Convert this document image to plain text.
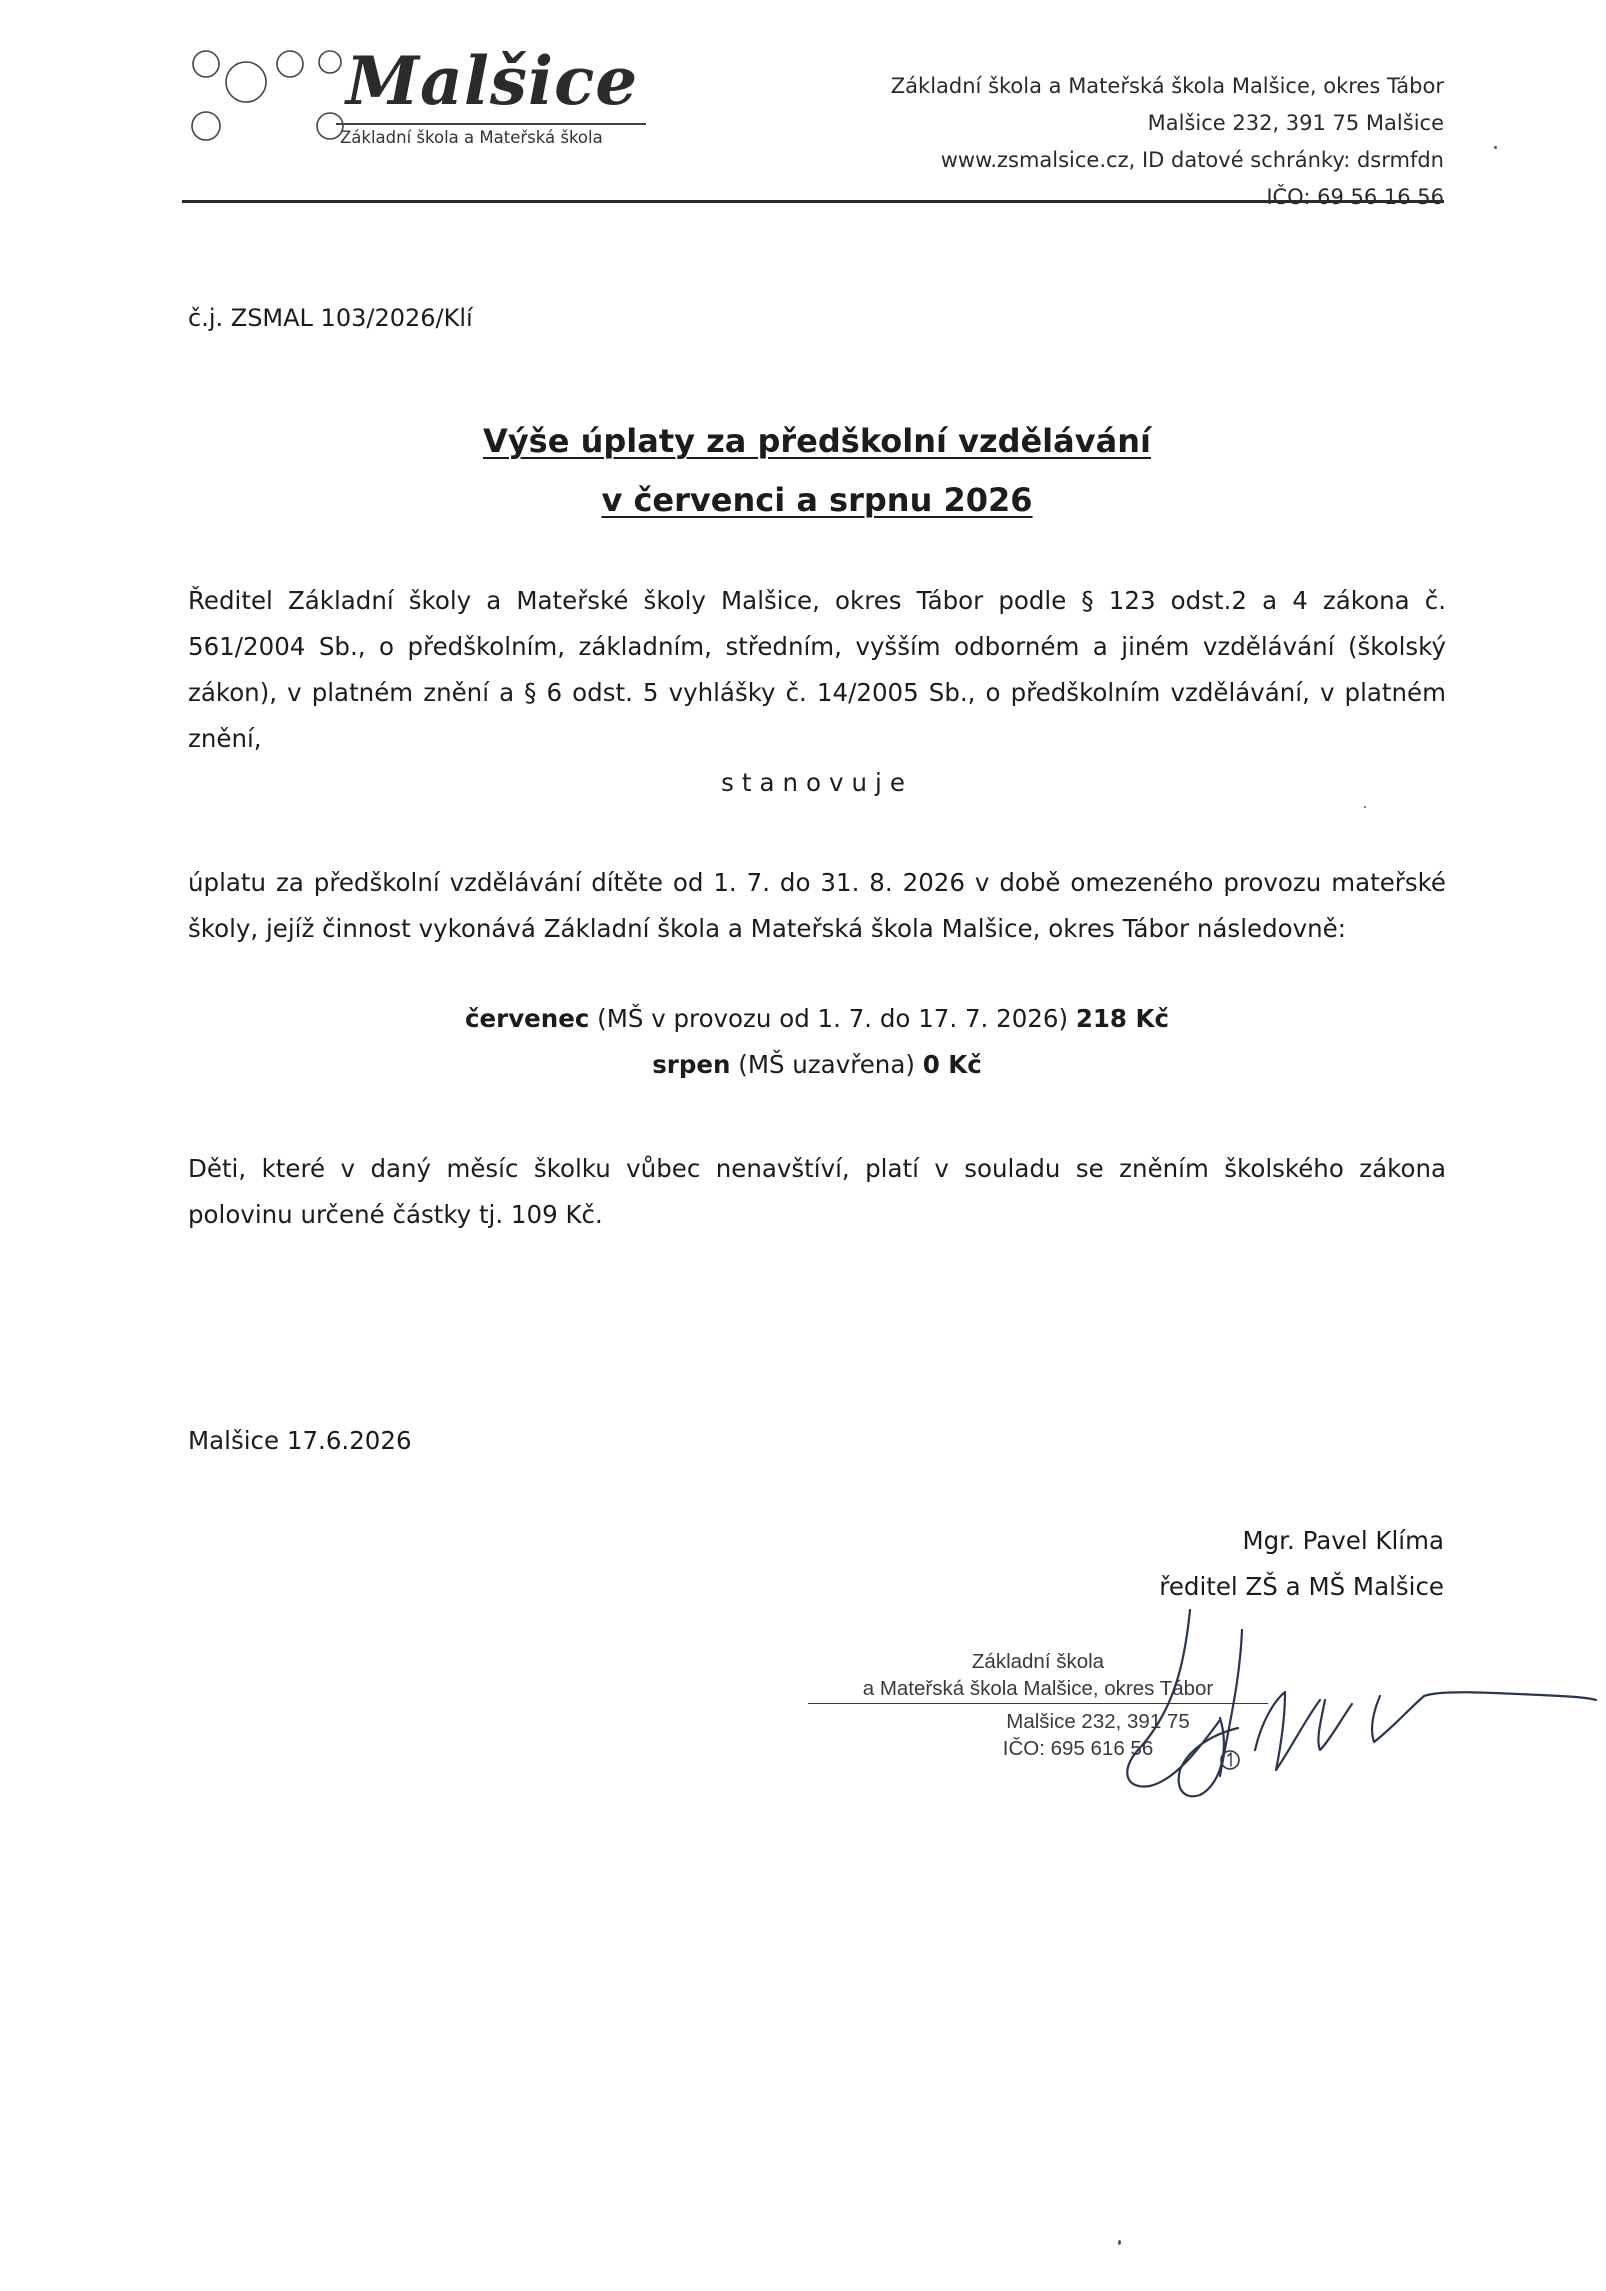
Malšice
Základní škola a Mateřská škola
Základní škola a Mateřská škola Malšice, okres Tábor
Malšice 232, 391 75 Malšice
www.zsmalsice.cz, ID datové schránky: dsrmfdn
IČO: 69 56 16 56
č.j. ZSMAL 103/2026/Klí
Výše úplaty za předškolní vzdělávání
v červenci a srpnu 2026
Ředitel Základní školy a Mateřské školy Malšice, okres Tábor podle § 123 odst.2 a 4 zákona č. 561/2004 Sb., o předškolním, základním, středním, vyšším odborném a jiném vzdělávání (školský zákon), v platném znění a § 6 odst. 5 vyhlášky č. 14/2005 Sb., o předškolním vzdělávání, v platném znění,
stanovuje
úplatu za předškolní vzdělávání dítěte od 1. 7. do 31. 8. 2026 v době omezeného provozu mateřské školy, jejíž činnost vykonává Základní škola a Mateřská škola Malšice, okres Tábor následovně:
červenec (MŠ v provozu od 1. 7. do 17. 7. 2026) 218 Kč
srpen (MŠ uzavřena) 0 Kč
Děti, které v daný měsíc školku vůbec nenavštíví, platí v souladu se zněním školského zákona polovinu určené částky tj. 109 Kč.
Malšice 17.6.2026
Mgr. Pavel Klíma
ředitel ZŠ a MŠ Malšice
Základní škola
a Mateřská škola Malšice, okres Tábor
Malšice 232, 391 75
IČO: 695 616 56
